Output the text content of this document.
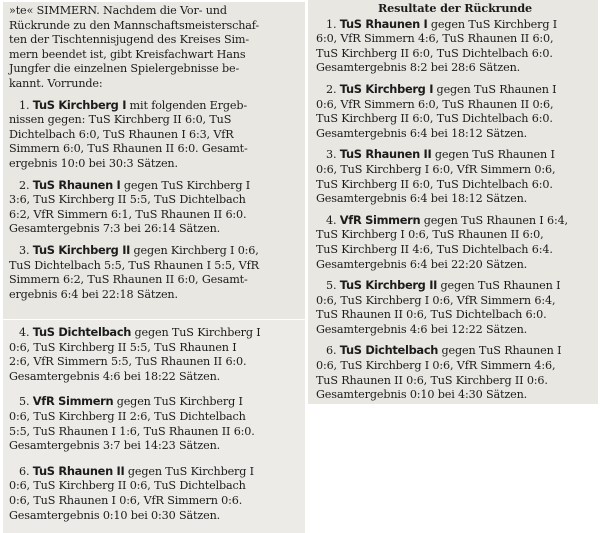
»te« SIMMERN. Nachdem die Vor- und
Rückrunde zu den Mannschaftsmeisterschaf-
ten der Tischtennisjugend des Kreises Sim-
mern beendet ist, gibt Kreisfachwart Hans
Jungfer die einzelnen Spielergebnisse be-
kannt. Vorrunde:

1. TuS Kirchberg I mit folgenden Ergeb-
nissen gegen: TuS Kirchberg II 6:0, TuS
Dichtelbach 6:0, TuS Rhaunen I 6:3, VfR
Simmern 6:0, TuS Rhaunen II 6:0. Gesamt-
ergebnis 10:0 bei 30:3 Sätzen.

2. TuS Rhaunen I gegen TuS Kirchberg I
3:6, TuS Kirchberg II 5:5, TuS Dichtelbach
6:2, VfR Simmern 6:1, TuS Rhaunen II 6:0.
Gesamtergebnis 7:3 bei 26:14 Sätzen.

3. TuS Kirchberg II gegen Kirchberg I 0:6,
TuS Dichtelbach 5:5, TuS Rhaunen I 5:5, VfR
Simmern 6:2, TuS Rhaunen II 6:0, Gesamt-
ergebnis 6:4 bei 22:18 Sätzen.

4. TuS Dichtelbach gegen TuS Kirchberg I
0:6, TuS Kirchberg II 5:5, TuS Rhaunen I
2:6, VfR Simmern 5:5, TuS Rhaunen II 6:0.
Gesamtergebnis 4:6 bei 18:22 Sätzen.

5. VfR Simmern gegen TuS Kirchberg I
0:6, TuS Kirchberg II 2:6, TuS Dichtelbach
5:5, TuS Rhaunen I 1:6, TuS Rhaunen II 6:0.
Gesamtergebnis 3:7 bei 14:23 Sätzen.

6. TuS Rhaunen II gegen TuS Kirchberg I
0:6, TuS Kirchberg II 0:6, TuS Dichtelbach
0:6, TuS Rhaunen I 0:6, VfR Simmern 0:6.
Gesamtergebnis 0:10 bei 0:30 Sätzen.

Resultate der Rückrunde

1. TuS Rhaunen I gegen TuS Kirchberg I
6:0, VfR Simmern 4:6, TuS Rhaunen II 6:0,
TuS Kirchberg II 6:0, TuS Dichtelbach 6:0.
Gesamtergebnis 8:2 bei 28:6 Sätzen.

2. TuS Kirchberg I gegen TuS Rhaunen I
0:6, VfR Simmern 6:0, TuS Rhaunen II 0:6,
TuS Kirchberg II 6:0, TuS Dichtelbach 6:0.
Gesamtergebnis 6:4 bei 18:12 Sätzen.

3. TuS Rhaunen II gegen TuS Rhaunen I
0:6, TuS Kirchberg I 6:0, VfR Simmern 0:6,
TuS Kirchberg II 6:0, TuS Dichtelbach 6:0.
Gesamtergebnis 6:4 bei 18:12 Sätzen.

4. VfR Simmern gegen TuS Rhaunen I 6:4,
TuS Kirchberg I 0:6, TuS Rhaunen II 6:0,
TuS Kirchberg II 4:6, TuS Dichtelbach 6:4.
Gesamtergebnis 6:4 bei 22:20 Sätzen.

5. TuS Kirchberg II gegen TuS Rhaunen I
0:6, TuS Kirchberg I 0:6, VfR Simmern 6:4,
TuS Rhaunen II 0:6, TuS Dichtelbach 6:0.
Gesamtergebnis 4:6 bei 12:22 Sätzen.

6. TuS Dichtelbach gegen TuS Rhaunen I
0:6, TuS Kirchberg I 0:6, VfR Simmern 4:6,
TuS Rhaunen II 0:6, TuS Kirchberg II 0:6.
Gesamtergebnis 0:10 bei 4:30 Sätzen.
